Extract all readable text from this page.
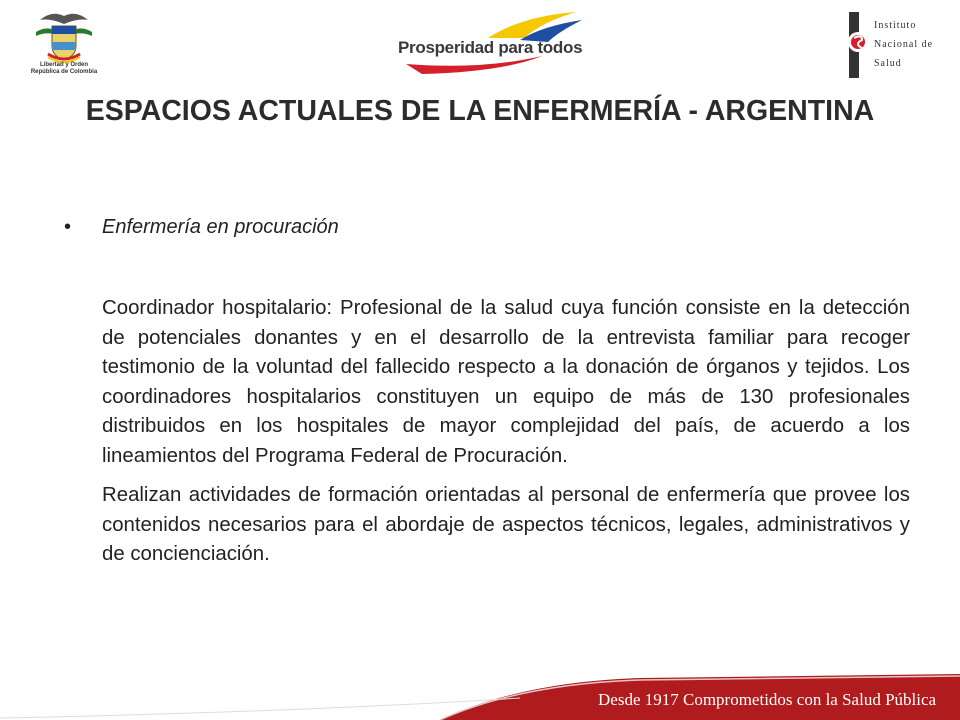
Libertad y Orden
República de Colombia
Prosperidad para todos
Instituto
Nacional de
Salud
ESPACIOS ACTUALES DE LA ENFERMERÍA - ARGENTINA
• Enfermería en procuración

Coordinador hospitalario: Profesional de la salud cuya función consiste en la detección de potenciales donantes y en el desarrollo de la entrevista familiar para recoger testimonio de la voluntad del fallecido respecto a la donación de órganos y tejidos. Los coordinadores hospitalarios constituyen un equipo de más de 130 profesionales distribuidos en los hospitales de mayor complejidad del país, de acuerdo a los lineamientos del Programa Federal de Procuración.

Realizan actividades de formación orientadas al personal de enfermería que provee los contenidos necesarios para el abordaje de aspectos técnicos, legales, administrativos y de concienciación.

Desde 1917 Comprometidos con la Salud Pública
